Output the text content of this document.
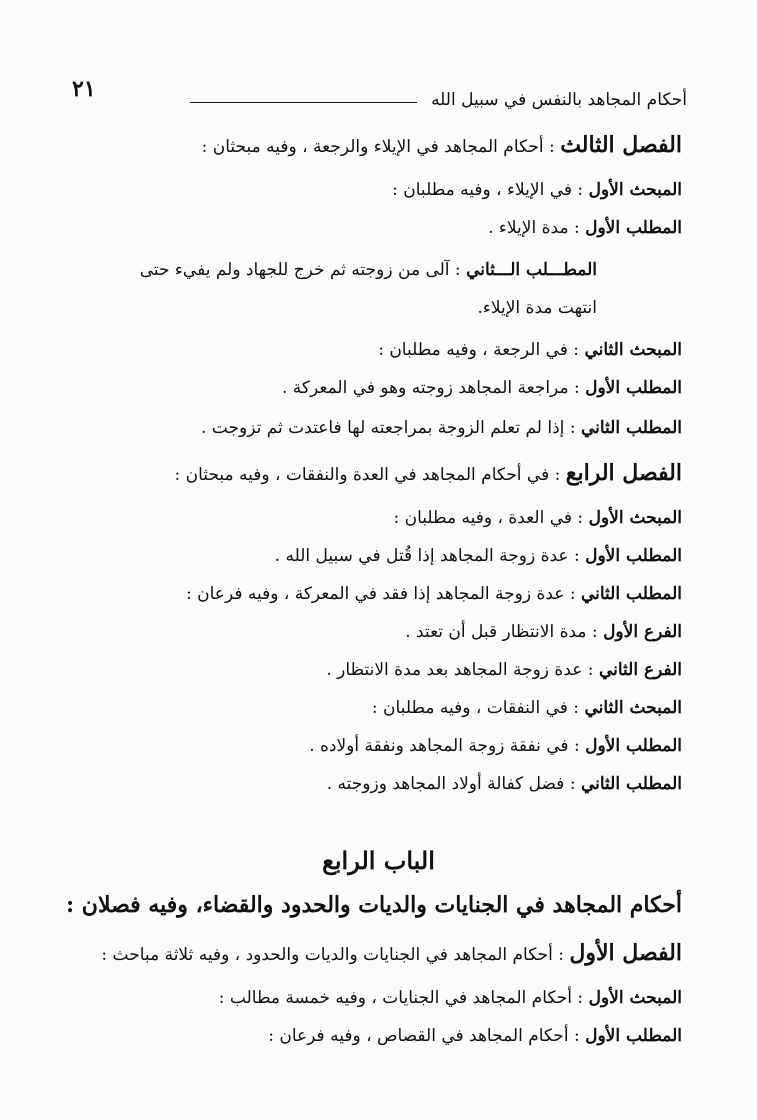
٢١	أحكام المجاهد بالنفس في سبيل الله
الفصل الثالث : أحكام المجاهد في الإيلاء والرجعة ، وفيه مبحثان :
المبحث الأول : في الإيلاء ، وفيه مطلبان :
المطلب الأول : مدة الإيلاء .
المطـــلب الـــثاني : آلى من زوجته ثم خرج للجهاد ولم يفيء حتى
انتهت مدة الإيلاء.
المبحث الثاني : في الرجعة ، وفيه مطلبان :
المطلب الأول : مراجعة المجاهد زوجته وهو في المعركة .
المطلب الثاني : إذا لم تعلم الزوجة بمراجعته لها فاعتدت ثم تزوجت .
الفصل الرابع : في أحكام المجاهد في العدة والنفقات ، وفيه مبحثان :
المبحث الأول : في العدة ، وفيه مطلبان :
المطلب الأول : عدة زوجة المجاهد إذا قُتل في سبيل الله .
المطلب الثاني : عدة زوجة المجاهد إذا فقد في المعركة ، وفيه فرعان :
الفرع الأول : مدة الانتظار قبل أن تعتد .
الفرع الثاني : عدة زوجة المجاهد بعد مدة الانتظار .
المبحث الثاني : في النفقات ، وفيه مطلبان :
المطلب الأول : في نفقة زوجة المجاهد ونفقة أولاده .
المطلب الثاني : فضل كفالة أولاد المجاهد وزوجته .
الباب الرابع
أحكام المجاهد في الجنايات والديات والحدود والقضاء، وفيه فصلان :
الفصل الأول : أحكام المجاهد في الجنايات والديات والحدود ، وفيه ثلاثة مباحث :
المبحث الأول : أحكام المجاهد في الجنايات ، وفيه خمسة مطالب :
المطلب الأول : أحكام المجاهد في القصاص ، وفيه فرعان :
